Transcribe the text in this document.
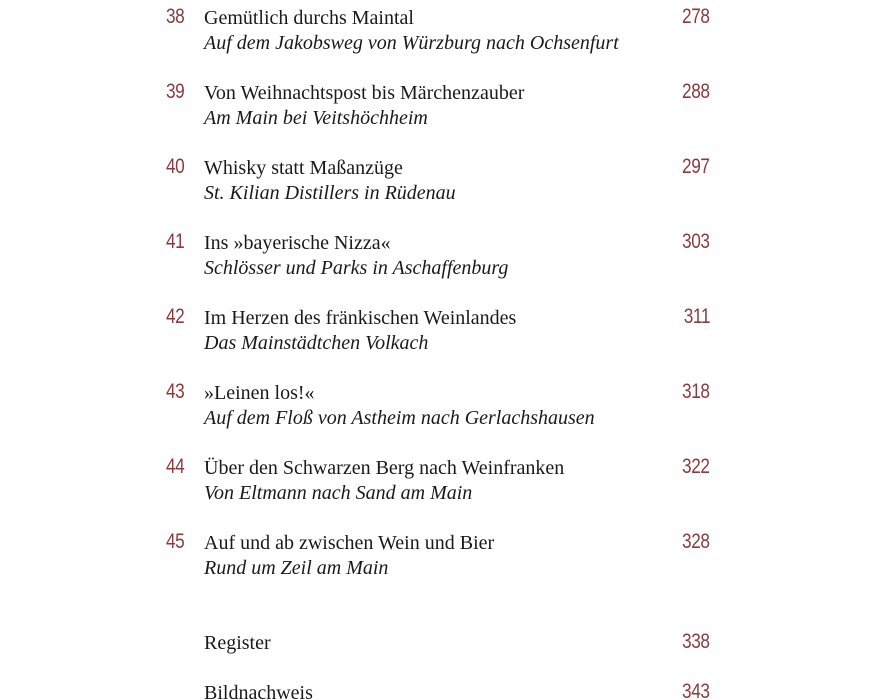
38 Gemütlich durchs Maintal
Auf dem Jakobsweg von Würzburg nach Ochsenfurt
278
39 Von Weihnachtspost bis Märchenzauber
Am Main bei Veitshöchheim
288
40 Whisky statt Maßanzüge
St. Kilian Distillers in Rüdenau
297
41 Ins »bayerische Nizza«
Schlösser und Parks in Aschaffenburg
303
42 Im Herzen des fränkischen Weinlandes
Das Mainstädtchen Volkach
311
43 »Leinen los!«
Auf dem Floß von Astheim nach Gerlachshausen
318
44 Über den Schwarzen Berg nach Weinfranken
Von Eltmann nach Sand am Main
322
45 Auf und ab zwischen Wein und Bier
Rund um Zeil am Main
328
Register	338
Bildnachweis	343
